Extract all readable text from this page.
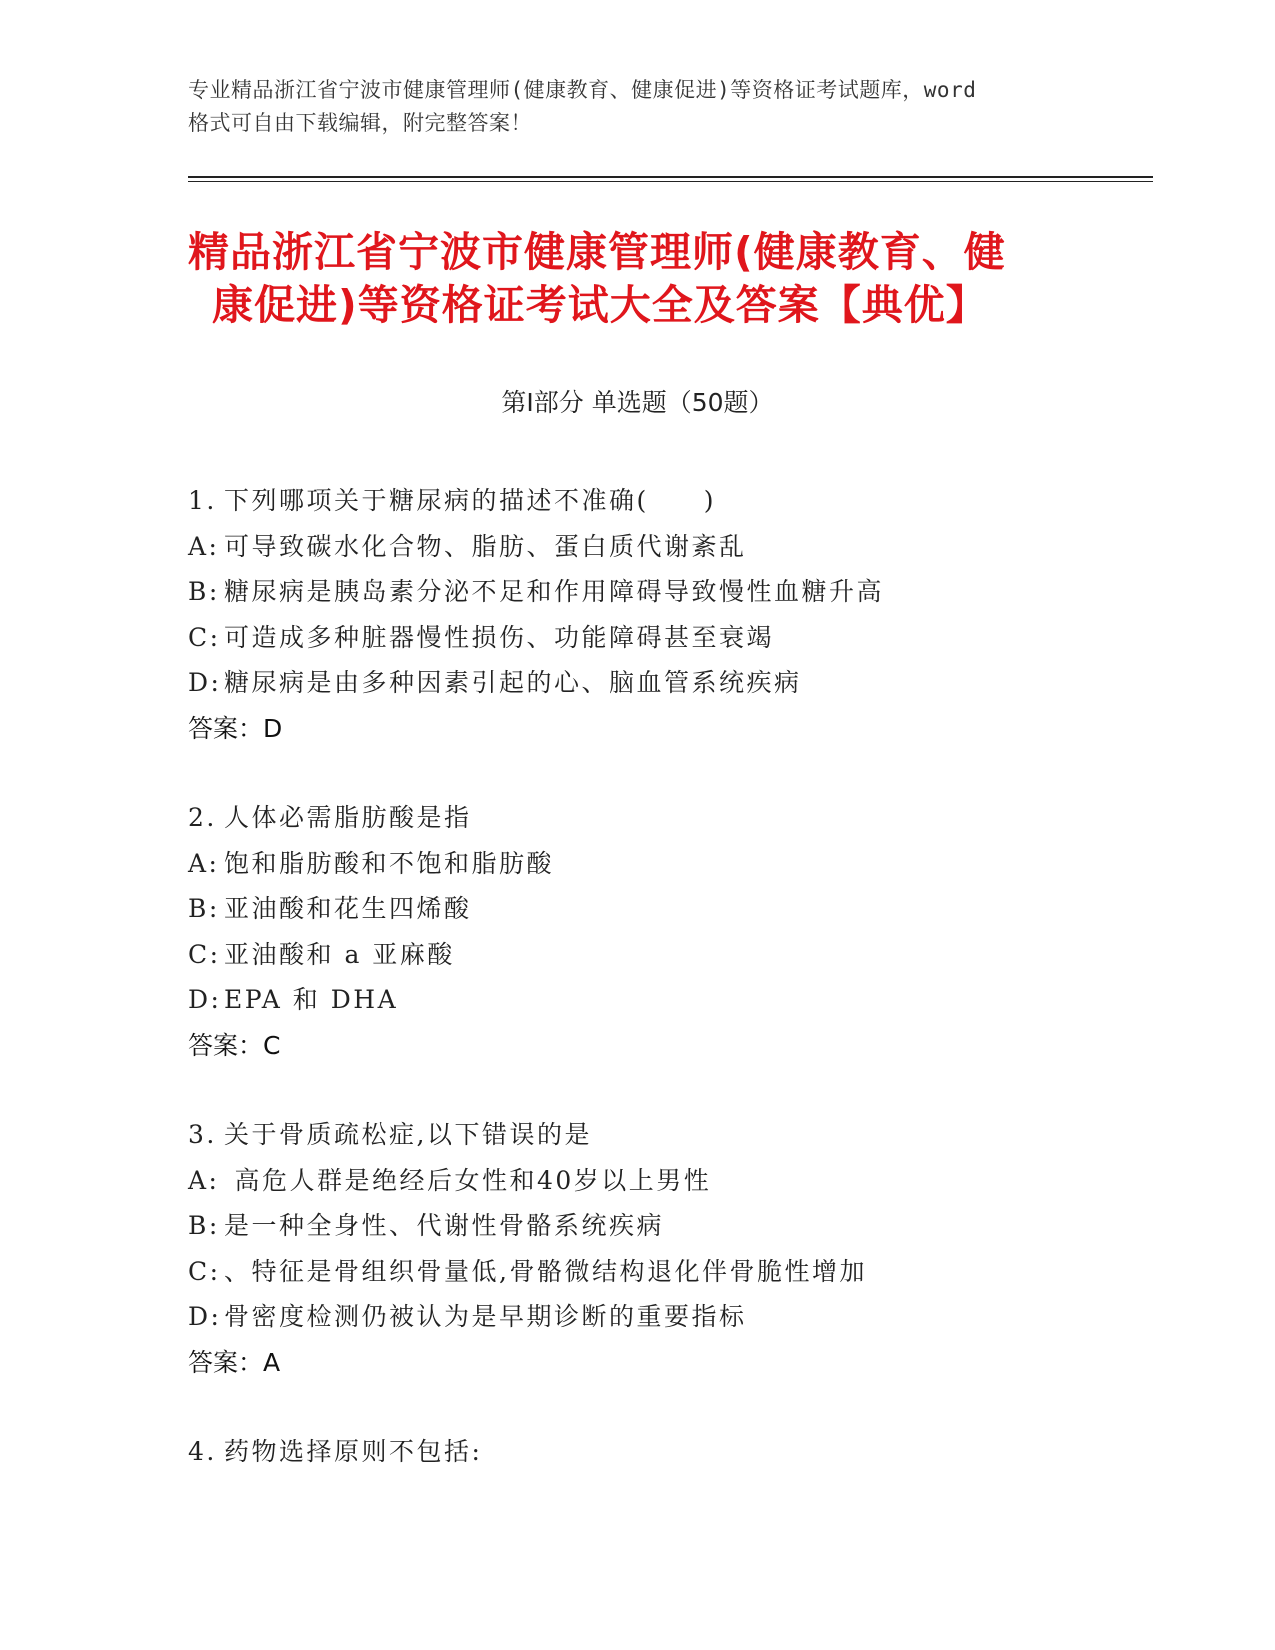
专业精品浙江省宁波市健康管理师(健康教育、健康促进)等资格证考试题库，word
格式可自由下载编辑，附完整答案！
精品浙江省宁波市健康管理师(健康教育、健
康促进)等资格证考试大全及答案【典优】
第Ⅰ部分 单选题（50题）
1. 下列哪项关于糖尿病的描述不准确(　　)
A: 可导致碳水化合物、脂肪、蛋白质代谢紊乱
B: 糖尿病是胰岛素分泌不足和作用障碍导致慢性血糖升高
C: 可造成多种脏器慢性损伤、功能障碍甚至衰竭
D: 糖尿病是由多种因素引起的心、脑血管系统疾病
答案：D
2. 人体必需脂肪酸是指
A: 饱和脂肪酸和不饱和脂肪酸
B: 亚油酸和花生四烯酸
C: 亚油酸和 a 亚麻酸
D: EPA 和 DHA
答案：C
3. 关于骨质疏松症,以下错误的是
A: 高危人群是绝经后女性和40岁以上男性
B: 是一种全身性、代谢性骨骼系统疾病
C: 、特征是骨组织骨量低,骨骼微结构退化伴骨脆性增加
D: 骨密度检测仍被认为是早期诊断的重要指标
答案：A
4. 药物选择原则不包括:
